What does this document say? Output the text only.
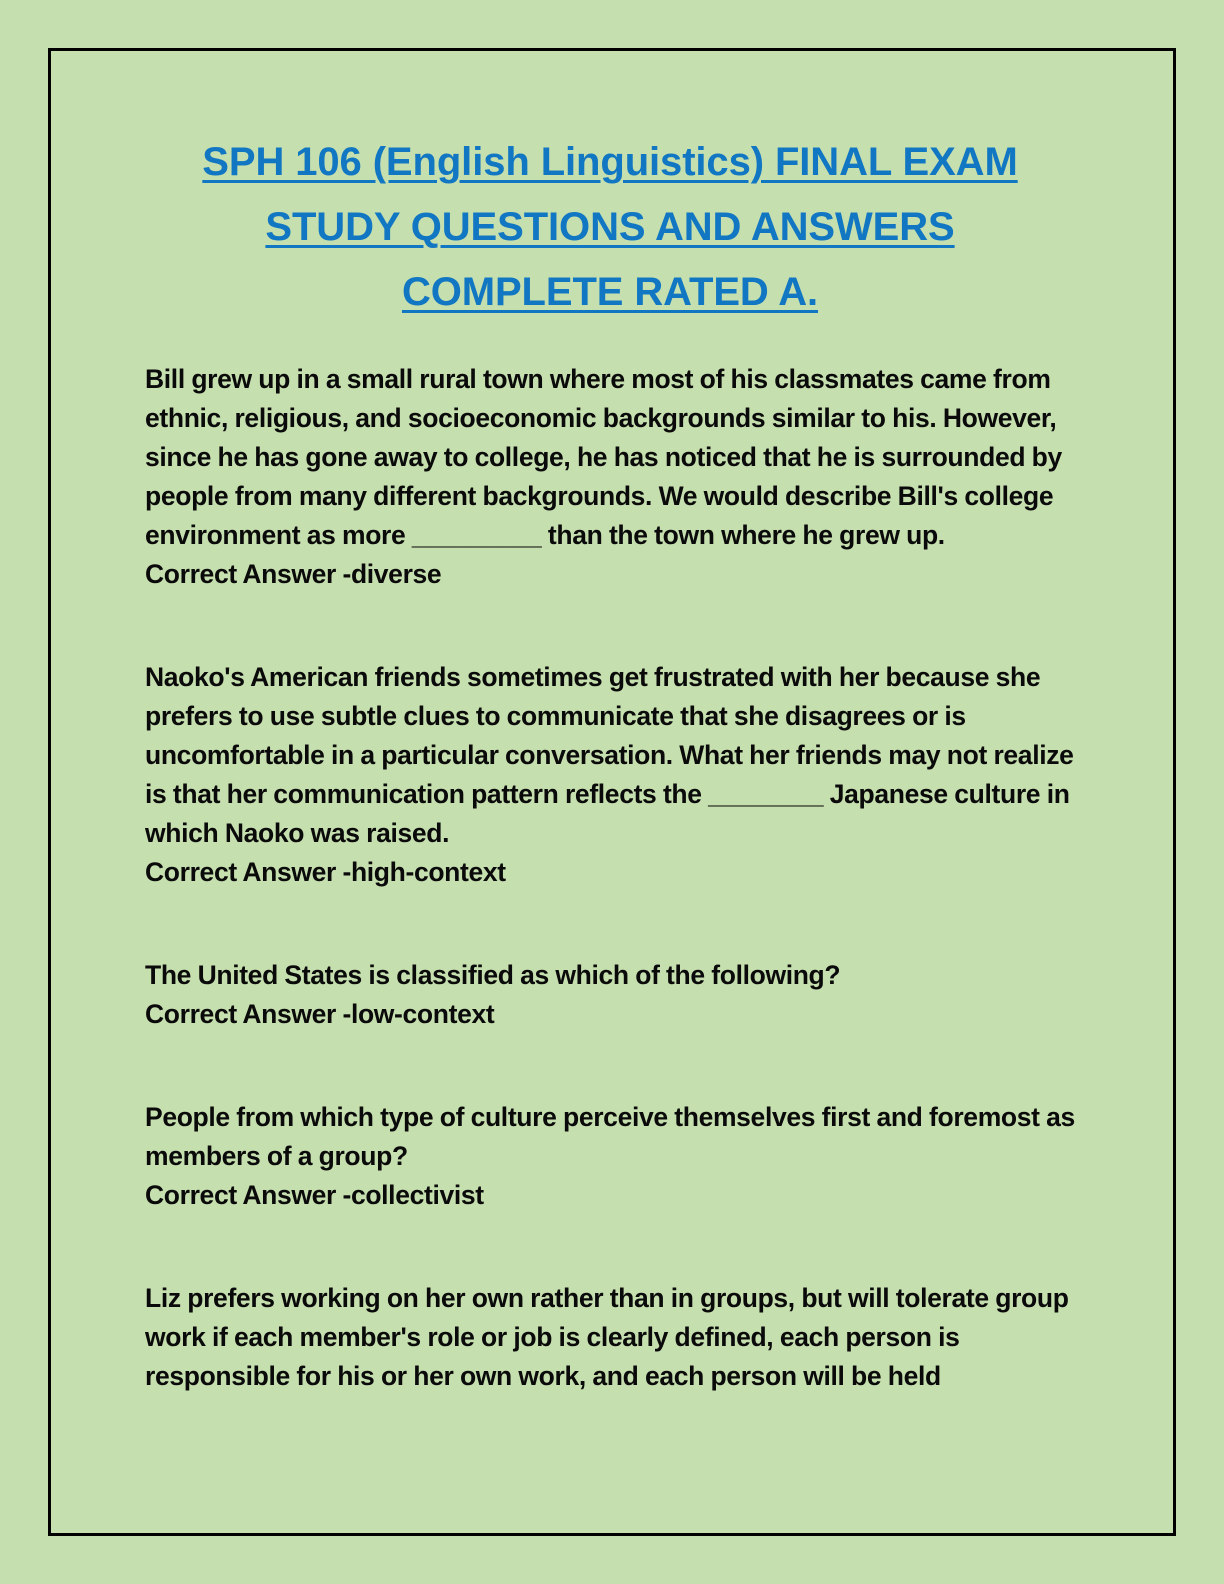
SPH 106 (English Linguistics) FINAL EXAM STUDY QUESTIONS AND ANSWERS COMPLETE RATED A.

Bill grew up in a small rural town where most of his classmates came from ethnic, religious, and socioeconomic backgrounds similar to his. However, since he has gone away to college, he has noticed that he is surrounded by people from many different backgrounds. We would describe Bill's college environment as more _________ than the town where he grew up.

Correct Answer -diverse

Naoko's American friends sometimes get frustrated with her because she prefers to use subtle clues to communicate that she disagrees or is uncomfortable in a particular conversation. What her friends may not realize is that her communication pattern reflects the ________ Japanese culture in which Naoko was raised.

Correct Answer -high-context

The United States is classified as which of the following?

Correct Answer -low-context

People from which type of culture perceive themselves first and foremost as members of a group?

Correct Answer -collectivist

Liz prefers working on her own rather than in groups, but will tolerate group work if each member's role or job is clearly defined, each person is responsible for his or her own work, and each person will be held
